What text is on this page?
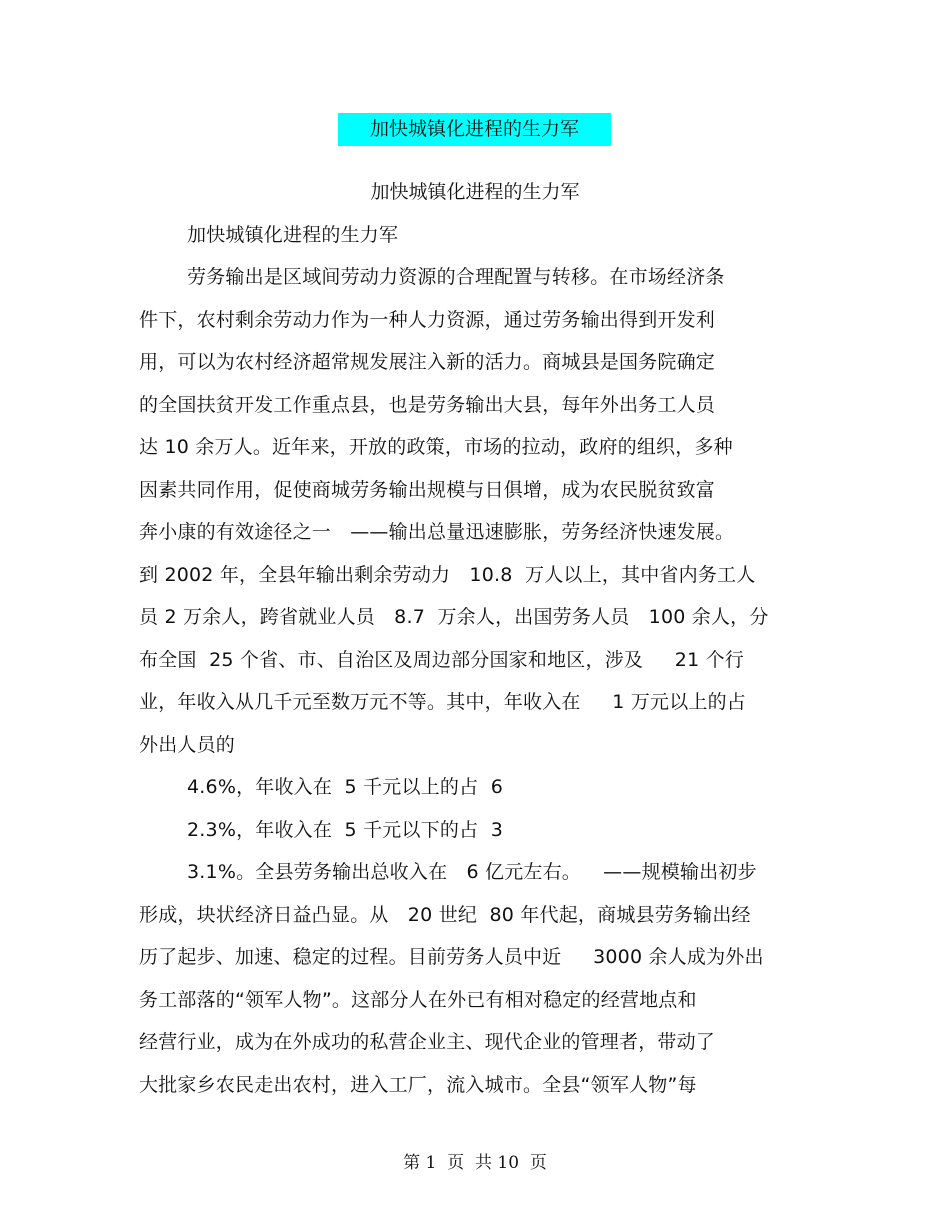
加快城镇化进程的生力军
加快城镇化进程的生力军
加快城镇化进程的生力军
劳务输出是区域间劳动力资源的合理配置与转移。在市场经济条
件下，农村剩余劳动力作为一种人力资源，通过劳务输出得到开发利
用，可以为农村经济超常规发展注入新的活力。商城县是国务院确定
的全国扶贫开发工作重点县，也是劳务输出大县，每年外出务工人员
达 10 余万人。近年来，开放的政策，市场的拉动，政府的组织，多种
因素共同作用，促使商城劳务输出规模与日俱增，成为农民脱贫致富
奔小康的有效途径之一　——输出总量迅速膨胀，劳务经济快速发展。
到 2002 年，全县年输出剩余劳动力　10.8  万人以上，其中省内务工人
员 2 万余人，跨省就业人员　8.7  万余人，出国劳务人员　100 余人，分
布全国  25 个省、市、自治区及周边部分国家和地区，涉及　  21 个行
业，年收入从几千元至数万元不等。其中，年收入在　  1 万元以上的占
外出人员的
4.6%，年收入在  5 千元以上的占  6
2.3%，年收入在  5 千元以下的占  3
3.1%。全县劳务输出总收入在　6 亿元左右。　  ——规模输出初步
形成，块状经济日益凸显。从　20 世纪  80 年代起，商城县劳务输出经
历了起步、加速、稳定的过程。目前劳务人员中近　  3000 余人成为外出
务工部落的“领军人物”。这部分人在外已有相对稳定的经营地点和
经营行业，成为在外成功的私营企业主、现代企业的管理者，带动了
大批家乡农民走出农村，进入工厂，流入城市。全县“领军人物”每
第 1  页  共 10  页
